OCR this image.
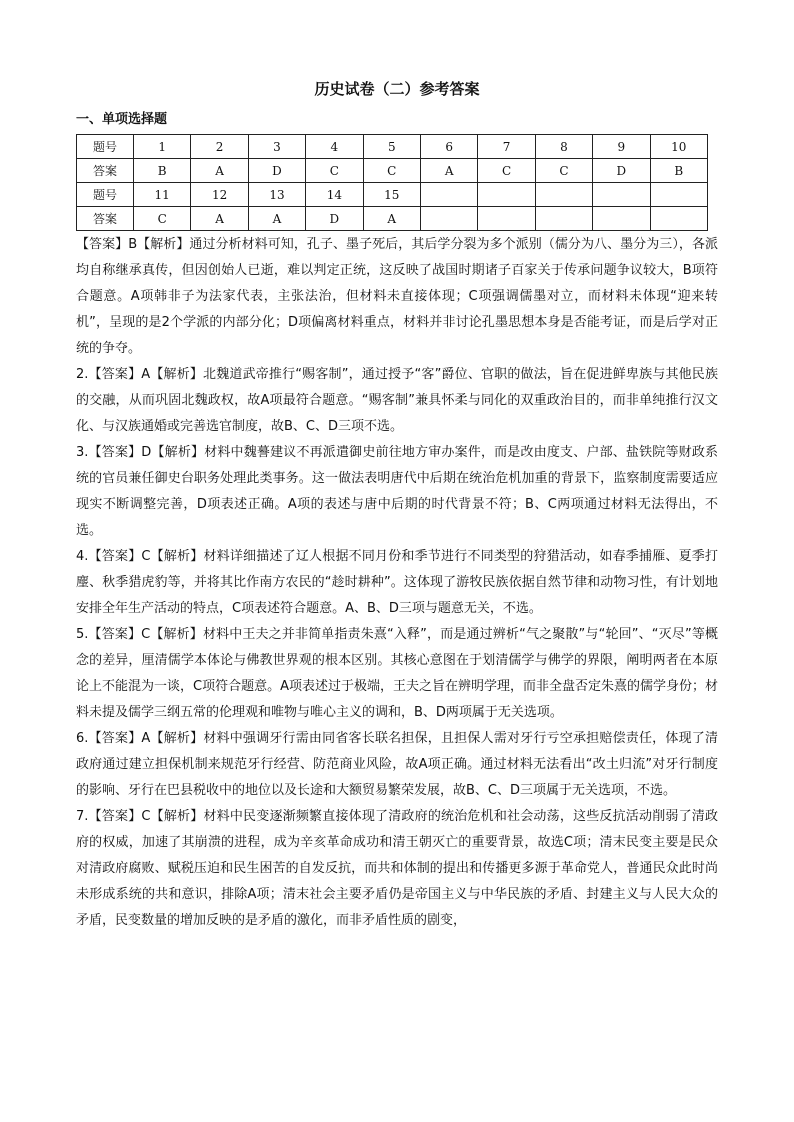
历史试卷（二）参考答案
一、单项选择题
题号	1	2	3	4	5	6	7	8	9	10
答案	B	A	D	C	C	A	C	C	D	B
题号	11	12	13	14	15					
答案	C	A	A	D	A					

【答案】B【解析】通过分析材料可知，孔子、墨子死后，其后学分裂为多个派别（儒分为八、墨分为三），各派均自称继承真传，但因创始人已逝，难以判定正统，这反映了战国时期诸子百家关于传承问题争议较大，B项符合题意。A项韩非子为法家代表，主张法治，但材料未直接体现；C项强调儒墨对立，而材料未体现“迎来转机”，呈现的是2个学派的内部分化；D项偏离材料重点，材料并非讨论孔墨思想本身是否能考证，而是后学对正统的争夺。

2.【答案】A【解析】北魏道武帝推行“赐客制”，通过授予“客”爵位、官职的做法，旨在促进鲜卑族与其他民族的交融，从而巩固北魏政权，故A项最符合题意。“赐客制”兼具怀柔与同化的双重政治目的，而非单纯推行汉文化、与汉族通婚或完善选官制度，故B、C、D三项不选。

3.【答案】D【解析】材料中魏謩建议不再派遣御史前往地方审办案件，而是改由度支、户部、盐铁院等财政系统的官员兼任御史台职务处理此类事务。这一做法表明唐代中后期在统治危机加重的背景下，监察制度需要适应现实不断调整完善，D项表述正确。A项的表述与唐中后期的时代背景不符；B、C两项通过材料无法得出，不选。

4.【答案】C【解析】材料详细描述了辽人根据不同月份和季节进行不同类型的狩猎活动，如春季捕雁、夏季打麈、秋季猎虎豹等，并将其比作南方农民的“趁时耕种”。这体现了游牧民族依据自然节律和动物习性，有计划地安排全年生产活动的特点，C项表述符合题意。A、B、D三项与题意无关，不选。

5.【答案】C【解析】材料中王夫之并非简单指责朱熹“入释”，而是通过辨析“气之聚散”与“轮回”、“灭尽”等概念的差异，厘清儒学本体论与佛教世界观的根本区别。其核心意图在于划清儒学与佛学的界限，阐明两者在本原论上不能混为一谈，C项符合题意。A项表述过于极端，王夫之旨在辨明学理，而非全盘否定朱熹的儒学身份；材料未提及儒学三纲五常的伦理观和唯物与唯心主义的调和，B、D两项属于无关选项。

6.【答案】A【解析】材料中强调牙行需由同省客长联名担保，且担保人需对牙行亏空承担赔偿责任，体现了清政府通过建立担保机制来规范牙行经营、防范商业风险，故A项正确。通过材料无法看出“改土归流”对牙行制度的影响、牙行在巴县税收中的地位以及长途和大额贸易繁荣发展，故B、C、D三项属于无关选项，不选。

7.【答案】C【解析】材料中民变逐渐频繁直接体现了清政府的统治危机和社会动荡，这些反抗活动削弱了清政府的权威，加速了其崩溃的进程，成为辛亥革命成功和清王朝灭亡的重要背景，故选C项；清末民变主要是民众对清政府腐败、赋税压迫和民生困苦的自发反抗，而共和体制的提出和传播更多源于革命党人，普通民众此时尚未形成系统的共和意识，排除A项；清末社会主要矛盾仍是帝国主义与中华民族的矛盾、封建主义与人民大众的矛盾，民变数量的增加反映的是矛盾的激化，而非矛盾性质的剧变，
